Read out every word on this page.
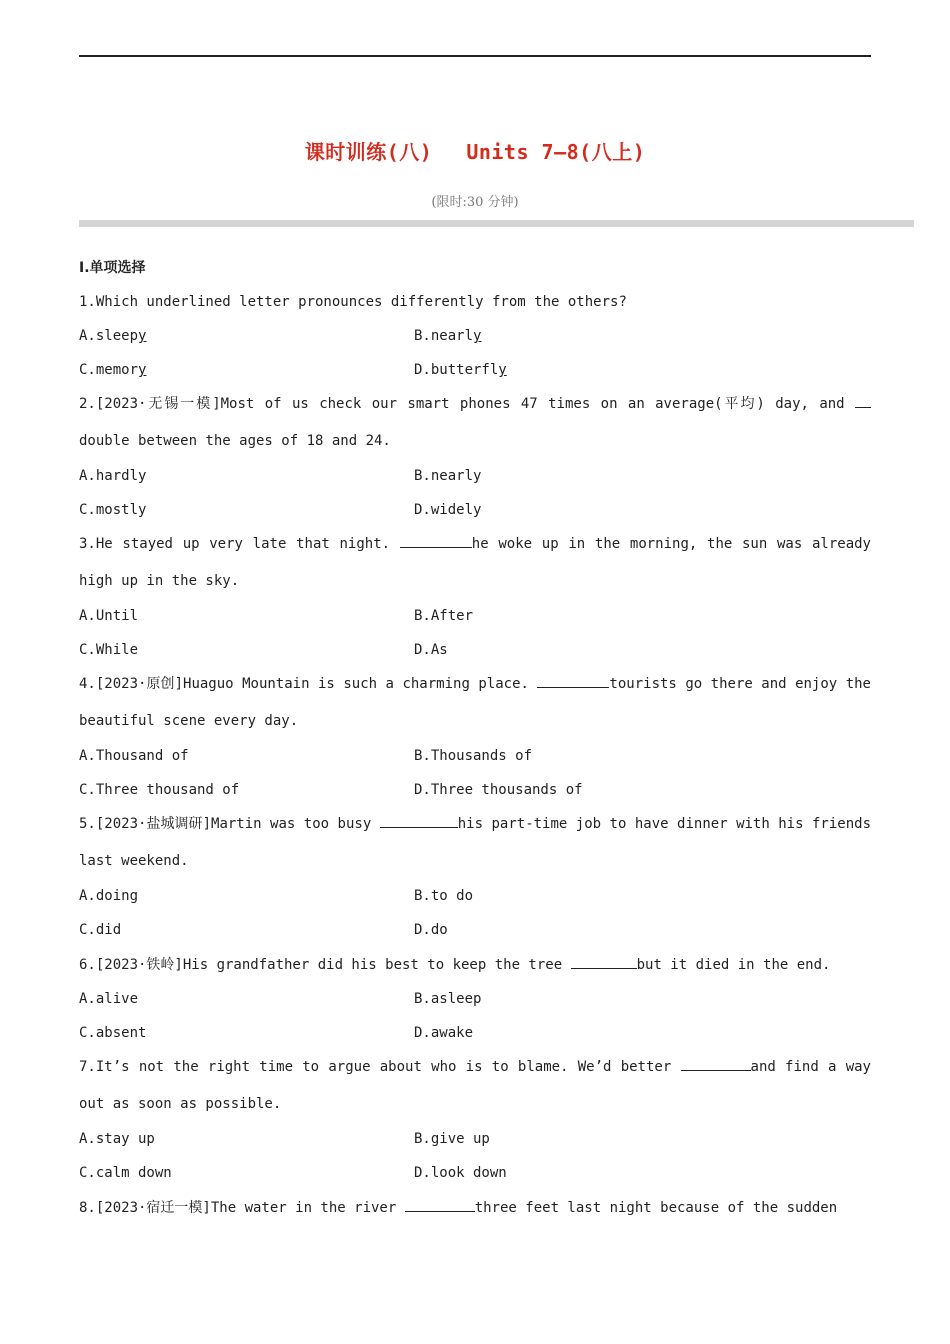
课时训练(八) Units 7—8(八上)
(限时:30 分钟)
Ⅰ.单项选择
1.Which underlined letter pronounces differently from the others?
A.sleepy	B.nearly
C.memory	D.butterfly
2.[2023·无锡一模]Most of us check our smart phones 47 times on an average(平均) day, and double between the ages of 18 and 24.
A.hardly	B.nearly
C.mostly	D.widely
3.He stayed up very late that night.	he woke up in the morning, the sun was already high up in the sky.
A.Until	B.After
C.While	D.As
4.[2023·原创]Huaguo Mountain is such a charming place.	tourists go there and enjoy the beautiful scene every day.
A.Thousand of	B.Thousands of
C.Three thousand of	D.Three thousands of
5.[2023·盐城调研]Martin was too busy	his part-time job to have dinner with his friends last weekend.
A.doing	B.to do
C.did	D.do
6.[2023·铁岭]His grandfather did his best to keep the tree	but it died in the end.
A.alive	B.asleep
C.absent	D.awake
7.It’s not the right time to argue about who is to blame. We’d better	and find a way out as soon as possible.
A.stay up	B.give up
C.calm down	D.look down
8.[2023·宿迁一模]The water in the river	three feet last night because of the sudden
